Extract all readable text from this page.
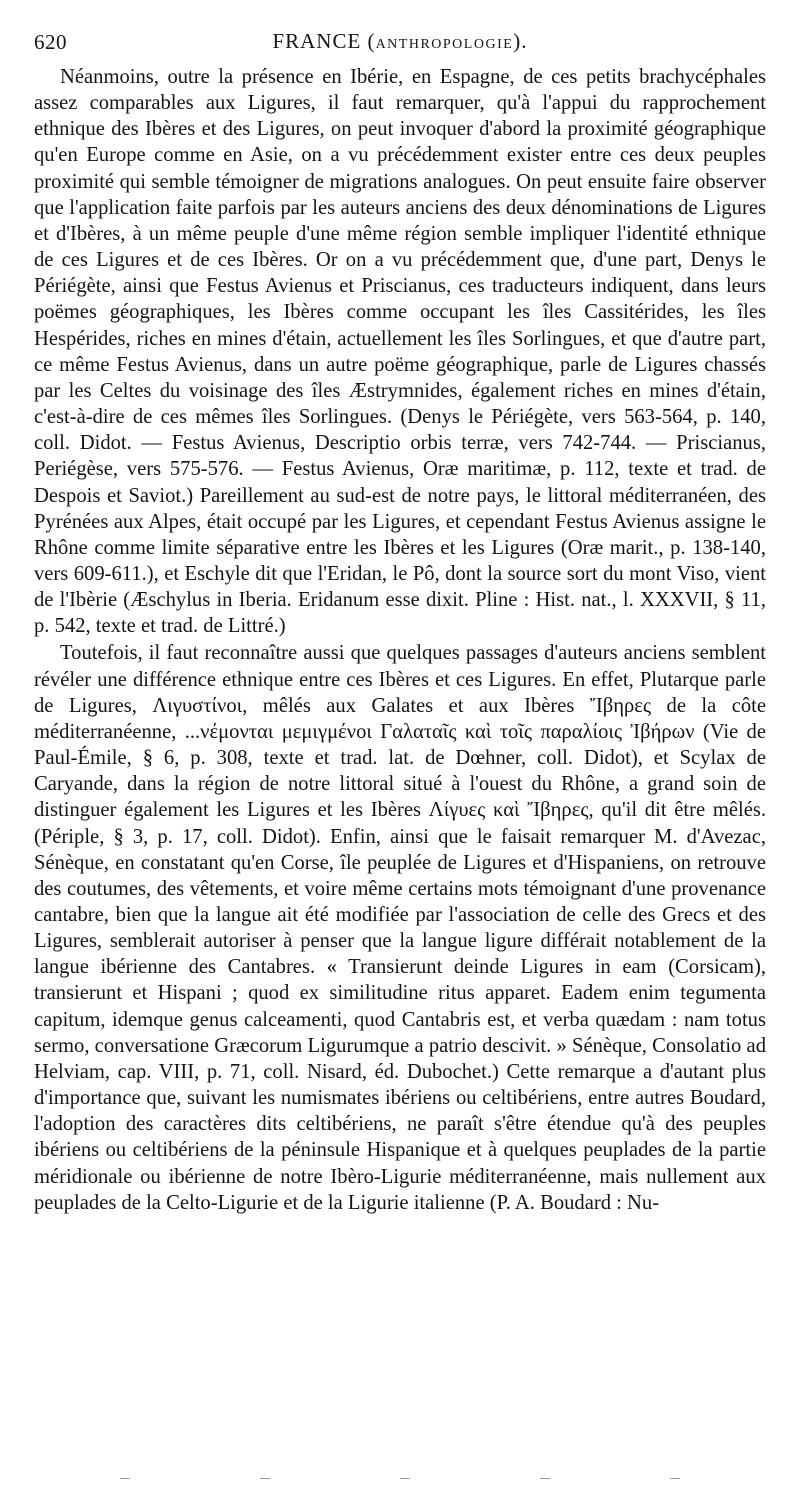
620	FRANCE (ANTHROPOLOGIE).

Néanmoins, outre la présence en Ibérie, en Espagne, de ces petits brachycéphales assez comparables aux Ligures, il faut remarquer, qu'à l'appui du rapprochement ethnique des Ibères et des Ligures, on peut invoquer d'abord la proximité géographique qu'en Europe comme en Asie, on a vu précédemment exister entre ces deux peuples proximité qui semble témoigner de migrations analogues. On peut ensuite faire observer que l'application faite parfois par les auteurs anciens des deux dénominations de Ligures et d'Ibères, à un même peuple d'une même région semble impliquer l'identité ethnique de ces Ligures et de ces Ibères. Or on a vu précédemment que, d'une part, Denys le Périégète, ainsi que Festus Avienus et Priscianus, ces traducteurs indiquent, dans leurs poëmes géographiques, les Ibères comme occupant les îles Cassitérides, les îles Hespérides, riches en mines d'étain, actuellement les îles Sorlingues, et que d'autre part, ce même Festus Avienus, dans un autre poëme géographique, parle de Ligures chassés par les Celtes du voisinage des îles Æstrymnides, également riches en mines d'étain, c'est-à-dire de ces mêmes îles Sorlingues. (Denys le Périégète, vers 563-564, p. 140, coll. Didot. — Festus Avienus, Descriptio orbis terræ, vers 742-744. — Priscianus, Periégèse, vers 575-576. — Festus Avienus, Oræ maritimæ, p. 112, texte et trad. de Despois et Saviot.) Pareillement au sud-est de notre pays, le littoral méditerranéen, des Pyrénées aux Alpes, était occupé par les Ligures, et cependant Festus Avienus assigne le Rhône comme limite séparative entre les Ibères et les Ligures (Oræ marit., p. 138-140, vers 609-611.), et Eschyle dit que l'Eridan, le Pô, dont la source sort du mont Viso, vient de l'Ibèrie (Æschylus in Iberia. Eridanum esse dixit. Pline : Hist. nat., l. XXXVII, § 11, p. 542, texte et trad. de Littré.)

Toutefois, il faut reconnaître aussi que quelques passages d'auteurs anciens semblent révéler une différence ethnique entre ces Ibères et ces Ligures. En effet, Plutarque parle de Ligures, Λιγυστίνοι, mêlés aux Galates et aux Ibères Ἴβηρες de la côte méditerranéenne, ...νέμονται μεμιγμένοι Γαλαταῖς καὶ τοῖς παραλίοις Ἰβήρων (Vie de Paul-Émile, § 6, p. 308, texte et trad. lat. de Dœhner, coll. Didot), et Scylax de Caryande, dans la région de notre littoral situé à l'ouest du Rhône, a grand soin de distinguer également les Ligures et les Ibères Λίγυες καὶ Ἴβηρες, qu'il dit être mêlés. (Périple, § 3, p. 17, coll. Didot). Enfin, ainsi que le faisait remarquer M. d'Avezac, Sénèque, en constatant qu'en Corse, île peuplée de Ligures et d'Hispaniens, on retrouve des coutumes, des vêtements, et voire même certains mots témoignant d'une provenance cantabre, bien que la langue ait été modifiée par l'association de celle des Grecs et des Ligures, semblerait autoriser à penser que la langue ligure différait notablement de la langue ibérienne des Cantabres. « Transierunt deinde Ligures in eam (Corsicam), transierunt et Hispani ; quod ex similitudine ritus apparet. Eadem enim tegumenta capitum, idemque genus calceamenti, quod Cantabris est, et verba quædam : nam totus sermo, conversatione Græcorum Ligurumque a patrio descivit. » Sénèque, Consolatio ad Helviam, cap. VIII, p. 71, coll. Nisard, éd. Dubochet.) Cette remarque a d'autant plus d'importance que, suivant les numismates ibériens ou celtibériens, entre autres Boudard, l'adoption des caractères dits celtibériens, ne paraît s'être étendue qu'à des peuples ibériens ou celtibériens de la péninsule Hispanique et à quelques peuplades de la partie méridionale ou ibérienne de notre Ibèro-Ligurie méditerranéenne, mais nullement aux peuplades de la Celto-Ligurie et de la Ligurie italienne (P. A. Boudard : Nu-
